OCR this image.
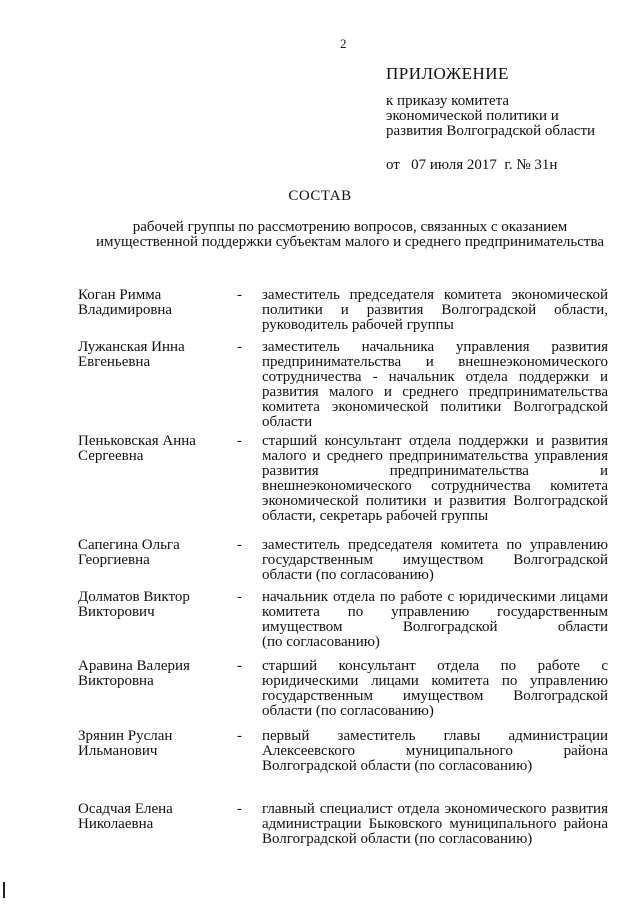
2
ПРИЛОЖЕНИЕ
к приказу комитета
экономической политики и
развития Волгоградской области
от   07 июля 2017  г. № 31н
СОСТАВ
рабочей группы по рассмотрению вопросов, связанных с оказанием
имущественной поддержки субъектам малого и среднего предпринимательства
Коган Римма
Владимировна
- заместитель председателя комитета экономической
политики и развития Волгоградской области,
руководитель рабочей группы
Лужанская Инна
Евгеньевна
- заместитель начальника управления развития
предпринимательства и внешнеэкономического
сотрудничества - начальник отдела поддержки и
развития малого и среднего предпринимательства
комитета экономической политики Волгоградской
области
Пеньковская Анна
Сергеевна
- старший консультант отдела поддержки и развития
малого и среднего предпринимательства управления
развития предпринимательства и
внешнеэкономического сотрудничества комитета
экономической политики и развития Волгоградской
области, секретарь рабочей группы
Сапегина Ольга
Георгиевна
- заместитель председателя комитета по управлению
государственным имуществом Волгоградской
области (по согласованию)
Долматов Виктор
Викторович
- начальник отдела по работе с юридическими лицами
комитета по управлению государственным
имуществом Волгоградской области
(по согласованию)
Аравина Валерия
Викторовна
- старший консультант отдела по работе с
юридическими лицами комитета по управлению
государственным имуществом Волгоградской
области (по согласованию)
Зрянин Руслан
Ильманович
- первый заместитель главы администрации
Алексеевского муниципального района
Волгоградской области (по согласованию)
Осадчая Елена
Николаевна
- главный специалист отдела экономического развития
администрации Быковского муниципального района
Волгоградской области (по согласованию)
